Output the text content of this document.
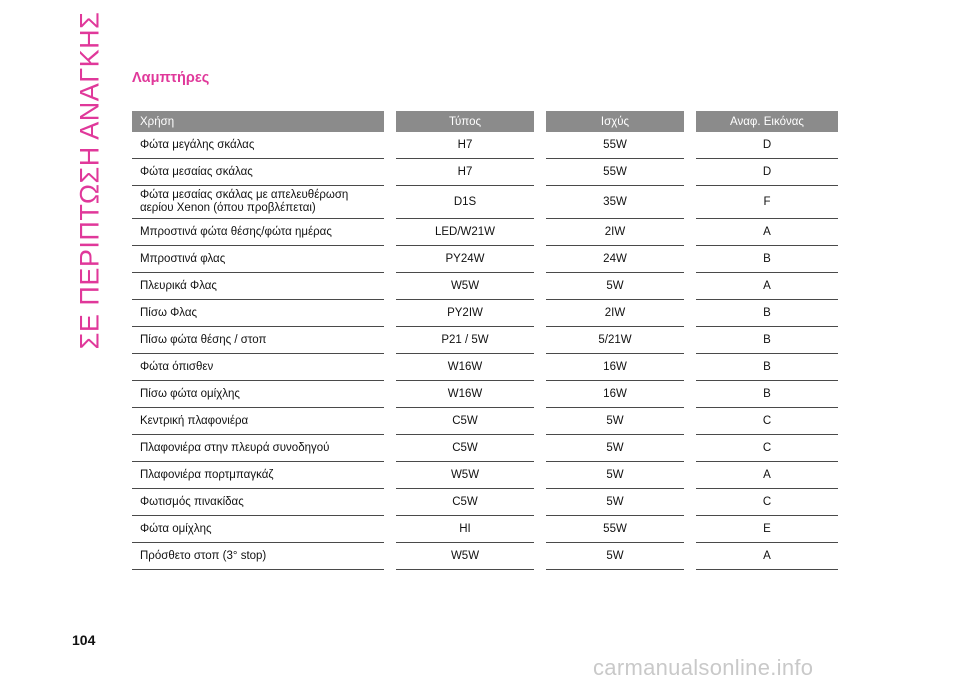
ΣΕ ΠΕΡΙΠΤΩΣΗ ΑΝΑΓΚΗΣ Λαμπτήρες
Χρήση		Τύπος		Ισχύς		Αναφ. Εικόνας
Φώτα μεγάλης σκάλας		H7		55W		D
Φώτα μεσαίας σκάλας		H7		55W		D
Φώτα μεσαίας σκάλας με απελευθέρωση αερίου Xenon (όπου προβλέπεται)		D1S		35W		F
Μπροστινά φώτα θέσης/φώτα ημέρας		LED/W21W		2IW		A
Μπροστινά φλας		PY24W		24W		B
Πλευρικά Φλας		W5W		5W		A
Πίσω Φλας		PY2IW		2IW		B
Πίσω φώτα θέσης / στοπ		P21 / 5W		5/21W		B
Φώτα όπισθεν		W16W		16W		B
Πίσω φώτα ομίχλης		W16W		16W		B
Κεντρική πλαφονιέρα		C5W		5W		C
Πλαφονιέρα στην πλευρά συνοδηγού		C5W		5W		C
Πλαφονιέρα πορτμπαγκάζ		W5W		5W		A
Φωτισμός πινακίδας		C5W		5W		C
Φώτα ομίχλης		HI		55W		E
Πρόσθετο στοπ (3° stop)		W5W		5W		A
104
carmanualsonline.info
